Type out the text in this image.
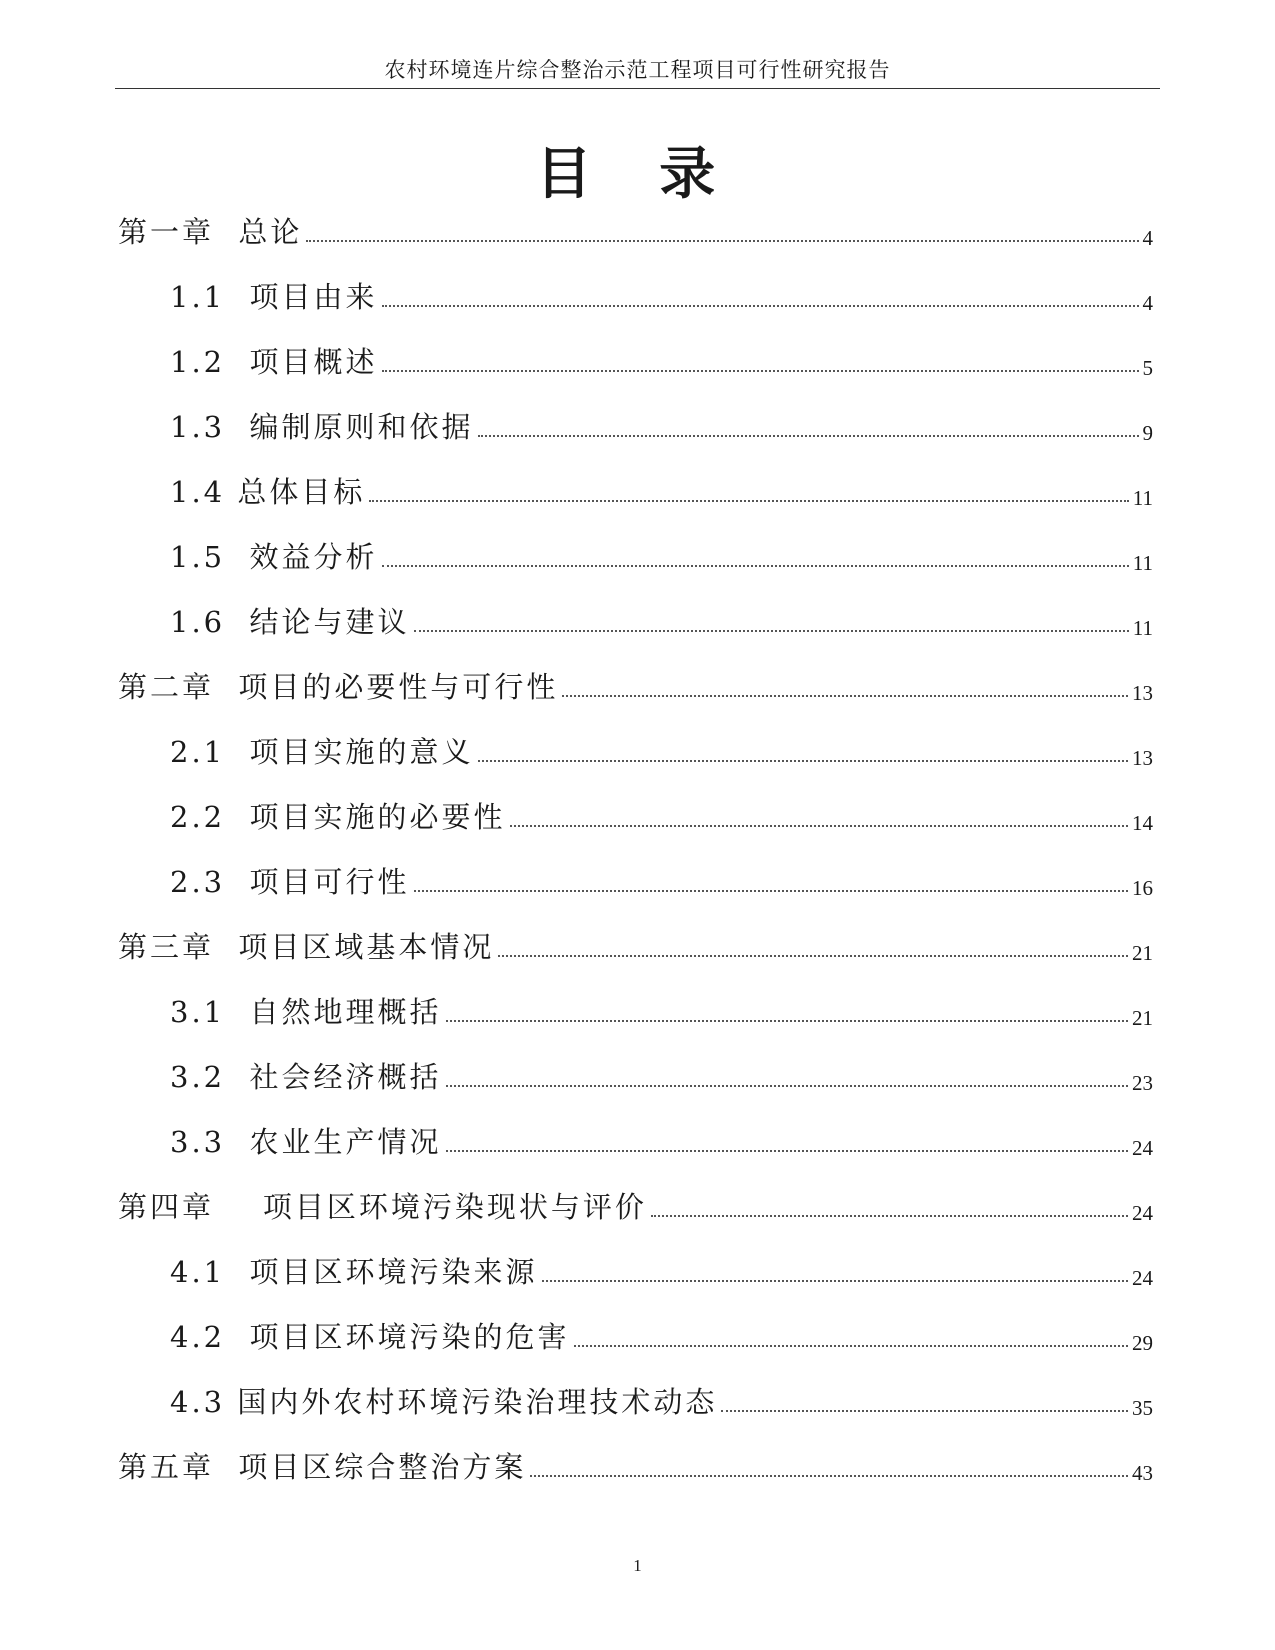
农村环境连片综合整治示范工程项目可行性研究报告
目 录
第一章  总论	4
1.1  项目由来	4
1.2  项目概述	5
1.3  编制原则和依据	9
1.4 总体目标	11
1.5  效益分析	11
1.6  结论与建议	11
第二章  项目的必要性与可行性	13
2.1  项目实施的意义	13
2.2  项目实施的必要性	14
2.3  项目可行性	16
第三章  项目区域基本情况	21
3.1  自然地理概括	21
3.2  社会经济概括	23
3.3  农业生产情况	24
第四章    项目区环境污染现状与评价	24
4.1  项目区环境污染来源	24
4.2  项目区环境污染的危害	29
4.3 国内外农村环境污染治理技术动态	35
第五章  项目区综合整治方案	43
1
